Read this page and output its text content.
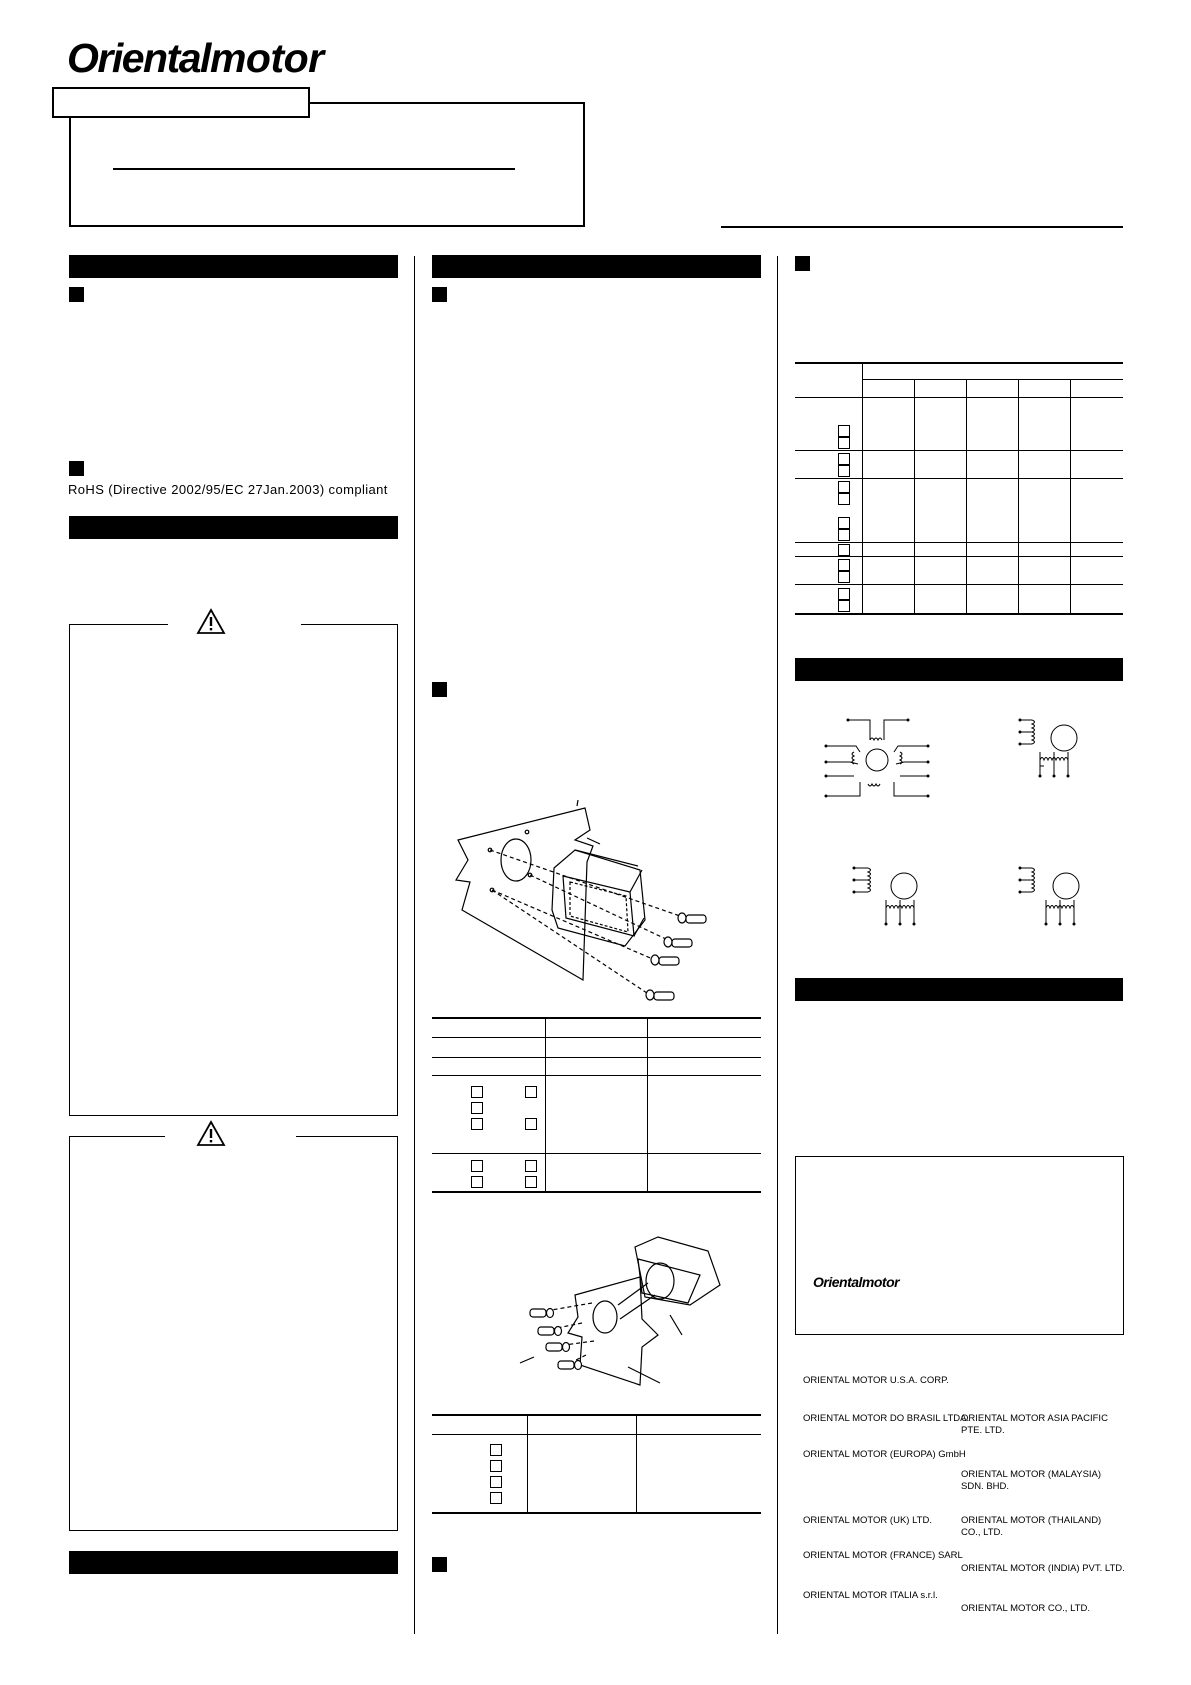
Orientalmotor
RoHS (Directive 2002/95/EC 27Jan.2003) compliant
Orientalmotor
ORIENTAL MOTOR U.S.A. CORP.
ORIENTAL MOTOR DO BRASIL LTDA.
ORIENTAL MOTOR ASIA PACIFIC PTE. LTD.
ORIENTAL MOTOR (EUROPA) GmbH
ORIENTAL MOTOR (MALAYSIA) SDN. BHD.
ORIENTAL MOTOR (UK) LTD.	ORIENTAL MOTOR (THAILAND) CO., LTD.
ORIENTAL MOTOR (FRANCE) SARL
ORIENTAL MOTOR (INDIA) PVT. LTD.
ORIENTAL MOTOR ITALIA s.r.l.
ORIENTAL MOTOR CO., LTD.
